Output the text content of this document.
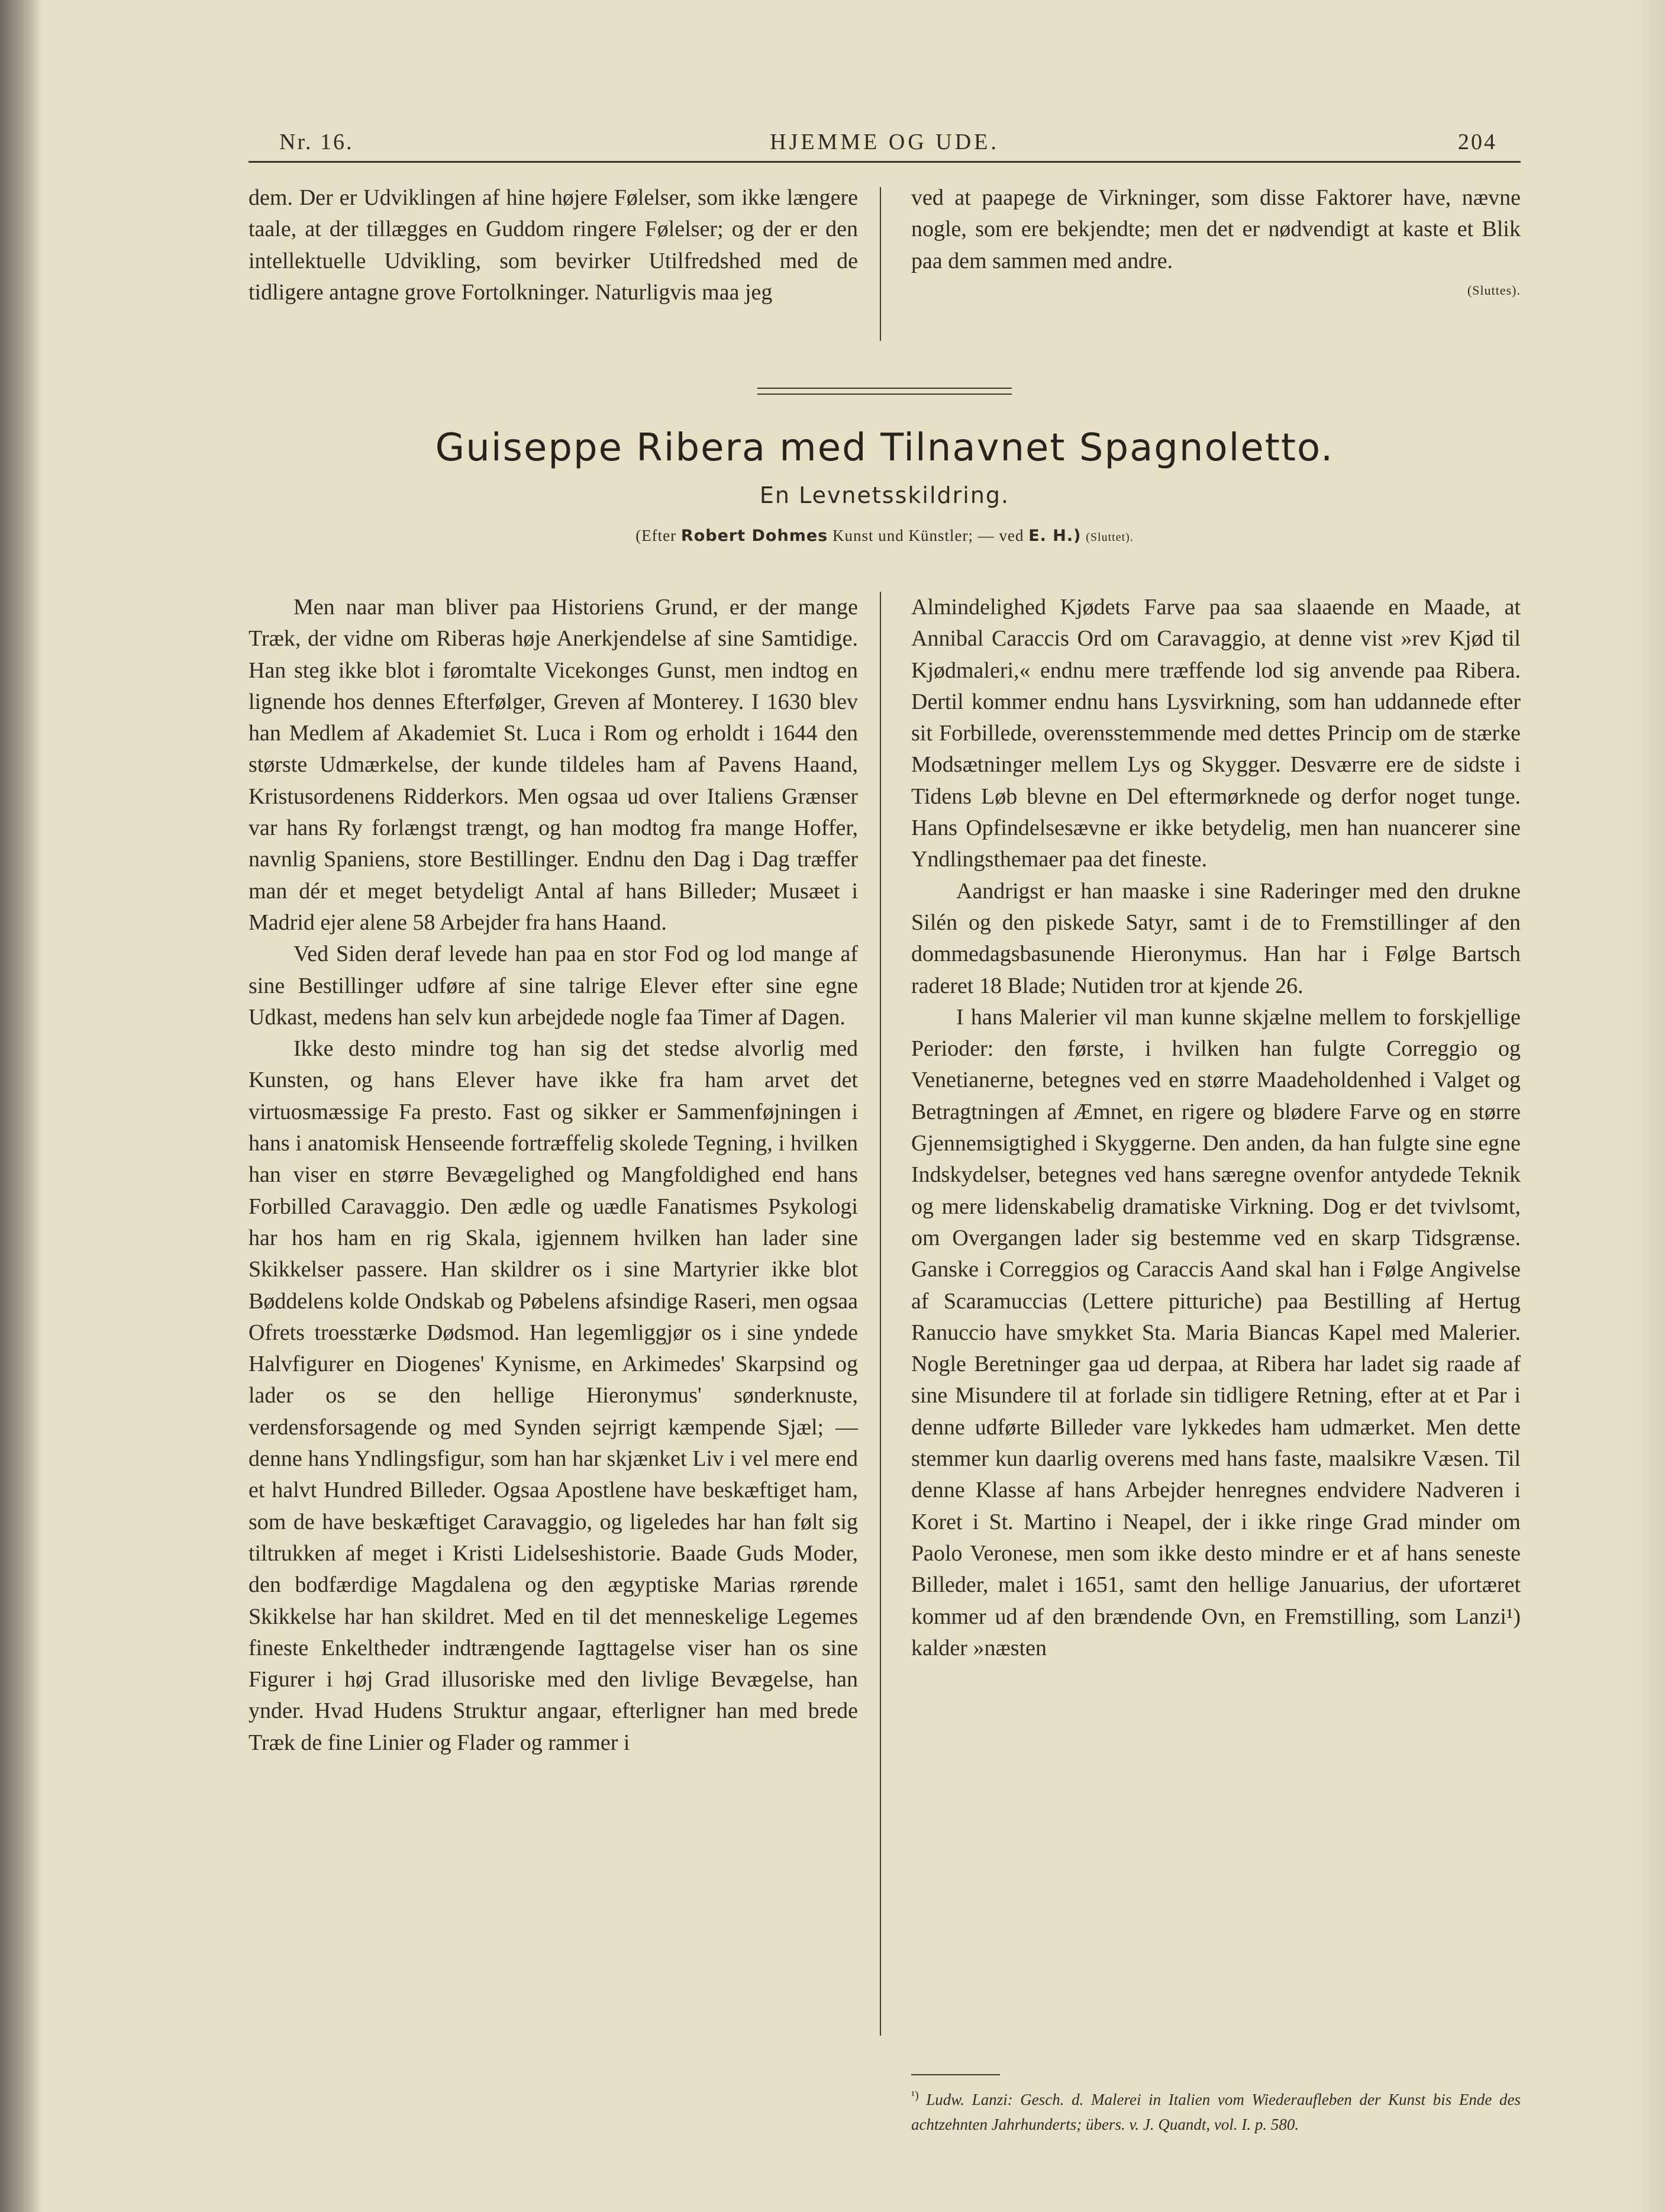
Nr. 16.	HJEMME OG UDE.	204

dem. Der er Udviklingen af hine højere Følelser, som ikke længere taale, at der tillægges en Guddom ringere Følelser; og der er den intellektuelle Udvikling, som bevirker Utilfredshed med de tidligere antagne grove Fortolkninger. Naturligvis maa jeg

ved at paapege de Virkninger, som disse Faktorer have, nævne nogle, som ere bekjendte; men det er nødvendigt at kaste et Blik paa dem sammen med andre.

(Sluttes).
Guiseppe Ribera med Tilnavnet Spagnoletto.
En Levnetsskildring.
(Efter Robert Dohmes Kunst und Künstler; — ved E. H.) (Sluttet).

Men naar man bliver paa Historiens Grund, er der mange Træk, der vidne om Riberas høje Anerkjendelse af sine Samtidige. Han steg ikke blot i føromtalte Vicekonges Gunst, men indtog en lignende hos dennes Efterfølger, Greven af Monterey. I 1630 blev han Medlem af Akademiet St. Luca i Rom og erholdt i 1644 den største Udmærkelse, der kunde tildeles ham af Pavens Haand, Kristusordenens Ridderkors. Men ogsaa ud over Italiens Grænser var hans Ry forlængst trængt, og han modtog fra mange Hoffer, navnlig Spaniens, store Bestillinger. Endnu den Dag i Dag træffer man dér et meget betydeligt Antal af hans Billeder; Musæet i Madrid ejer alene 58 Arbejder fra hans Haand.

Ved Siden deraf levede han paa en stor Fod og lod mange af sine Bestillinger udføre af sine talrige Elever efter sine egne Udkast, medens han selv kun arbejdede nogle faa Timer af Dagen.

Ikke desto mindre tog han sig det stedse alvorlig med Kunsten, og hans Elever have ikke fra ham arvet det virtuosmæssige Fa presto. Fast og sikker er Sammenføjningen i hans i anatomisk Henseende fortræffelig skolede Tegning, i hvilken han viser en større Bevægelighed og Mangfoldighed end hans Forbilled Caravaggio. Den ædle og uædle Fanatismes Psykologi har hos ham en rig Skala, igjennem hvilken han lader sine Skikkelser passere. Han skildrer os i sine Martyrier ikke blot Bøddelens kolde Ondskab og Pøbelens afsindige Raseri, men ogsaa Ofrets troesstærke Dødsmod. Han legemliggjør os i sine yndede Halvfigurer en Diogenes' Kynisme, en Arkimedes' Skarpsind og lader os se den hellige Hieronymus' sønderknuste, verdensforsagende og med Synden sejrrigt kæmpende Sjæl; — denne hans Yndlingsfigur, som han har skjænket Liv i vel mere end et halvt Hundred Billeder. Ogsaa Apostlene have beskæftiget ham, som de have beskæftiget Caravaggio, og ligeledes har han følt sig tiltrukken af meget i Kristi Lidelseshistorie. Baade Guds Moder, den bodfærdige Magdalena og den ægyptiske Marias rørende Skikkelse har han skildret. Med en til det menneskelige Legemes fineste Enkeltheder indtrængende Iagttagelse viser han os sine Figurer i høj Grad illusoriske med den livlige Bevægelse, han ynder. Hvad Hudens Struktur angaar, efterligner han med brede Træk de fine Linier og Flader og rammer i

Almindelighed Kjødets Farve paa saa slaaende en Maade, at Annibal Caraccis Ord om Caravaggio, at denne vist »rev Kjød til Kjødmaleri,« endnu mere træffende lod sig anvende paa Ribera. Dertil kommer endnu hans Lysvirkning, som han uddannede efter sit Forbillede, overensstemmende med dettes Princip om de stærke Modsætninger mellem Lys og Skygger. Desværre ere de sidste i Tidens Løb blevne en Del eftermørknede og derfor noget tunge. Hans Opfindelsesævne er ikke betydelig, men han nuancerer sine Yndlingsthemaer paa det fineste.

Aandrigst er han maaske i sine Raderinger med den drukne Silén og den piskede Satyr, samt i de to Fremstillinger af den dommedagsbasunende Hieronymus. Han har i Følge Bartsch raderet 18 Blade; Nutiden tror at kjende 26.

I hans Malerier vil man kunne skjælne mellem to forskjellige Perioder: den første, i hvilken han fulgte Correggio og Venetianerne, betegnes ved en større Maadeholdenhed i Valget og Betragtningen af Æmnet, en rigere og blødere Farve og en større Gjennemsigtighed i Skyggerne. Den anden, da han fulgte sine egne Indskydelser, betegnes ved hans særegne ovenfor antydede Teknik og mere lidenskabelig dramatiske Virkning. Dog er det tvivlsomt, om Overgangen lader sig bestemme ved en skarp Tidsgrænse. Ganske i Correggios og Caraccis Aand skal han i Følge Angivelse af Scaramuccias (Lettere pitturiche) paa Bestilling af Hertug Ranuccio have smykket Sta. Maria Biancas Kapel med Malerier. Nogle Beretninger gaa ud derpaa, at Ribera har ladet sig raade af sine Misundere til at forlade sin tidligere Retning, efter at et Par i denne udførte Billeder vare lykkedes ham udmærket. Men dette stemmer kun daarlig overens med hans faste, maalsikre Væsen. Til denne Klasse af hans Arbejder henregnes endvidere Nadveren i Koret i St. Martino i Neapel, der i ikke ringe Grad minder om Paolo Veronese, men som ikke desto mindre er et af hans seneste Billeder, malet i 1651, samt den hellige Januarius, der ufortæret kommer ud af den brændende Ovn, en Fremstilling, som Lanzi¹) kalder »næsten

$^{^1)}$ Ludw. Lanzi: Gesch. d. Malerei in Italien vom Wiederaufleben der Kunst bis Ende des achtzehnten Jahrhunderts; übers. v. J. Quandt, vol. I. p. 580.
